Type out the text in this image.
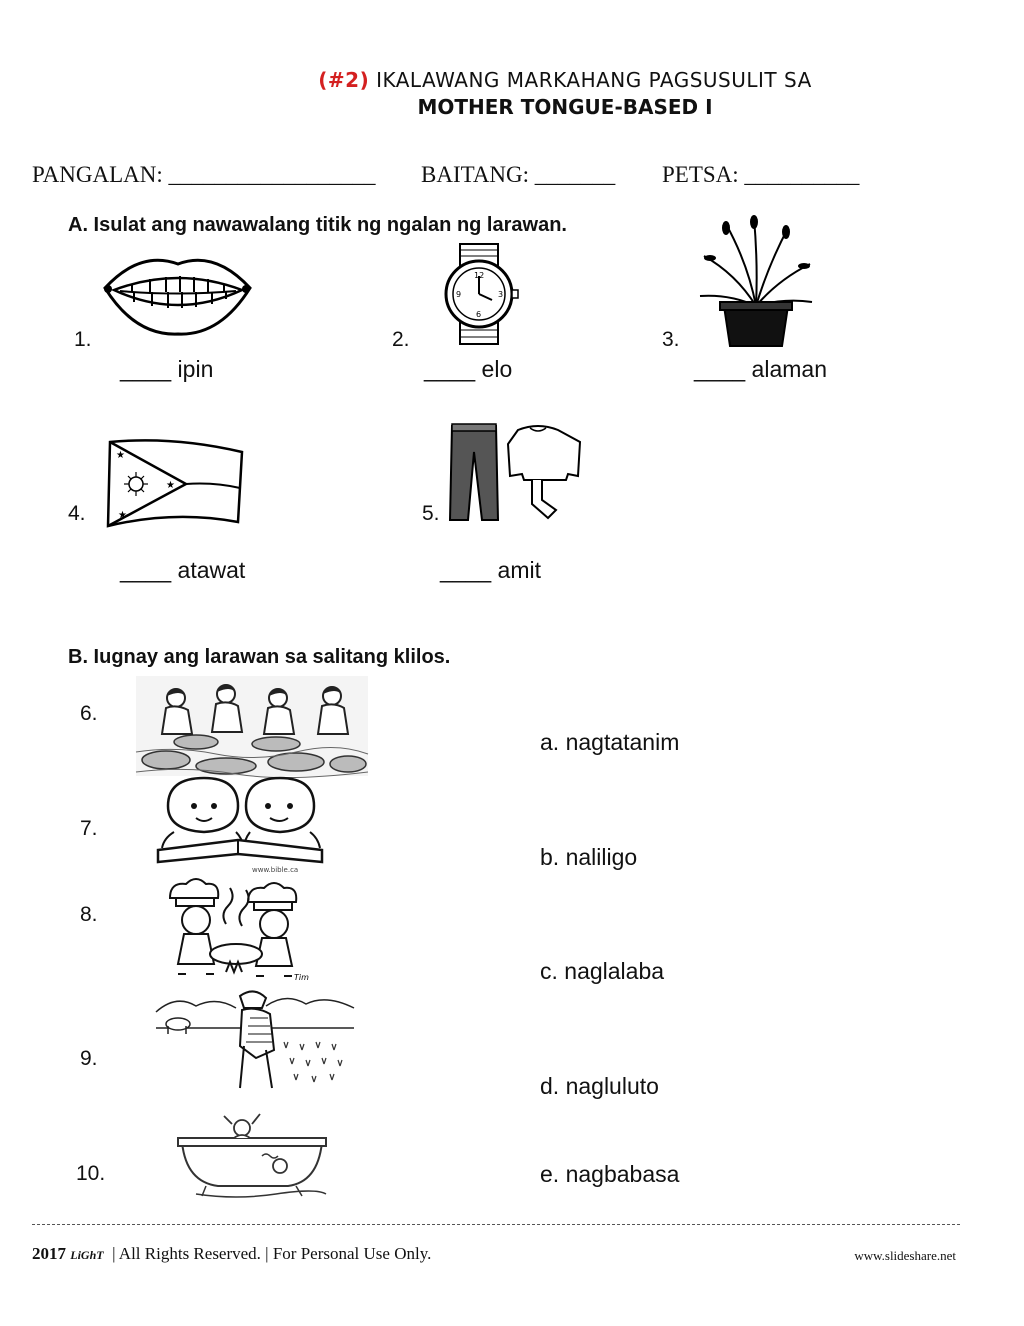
(#2) IKALAWANG MARKAHANG PAGSUSULIT SA
MOTHER TONGUE-BASED I
PANGALAN: __________________ BAITANG: _______ PETSA: __________
A. Isulat ang nawawalang titik ng ngalan ng larawan.
1.
____ ipin
12
3
6
9
2.
____ elo
3.
____ alaman
★
★
★
4.
____ atawat
5.
____ amit
B. Iugnay ang larawan sa salitang klilos.
6.
www.bible.ca
7.
Tim
8.
9.
10.
a. nagtatanim
b. naliligo
c. naglalaba
d. nagluluto
e. nagbabasa
2017 LiGhT | All Rights Reserved. | For Personal Use Only.	www.slideshare.net
